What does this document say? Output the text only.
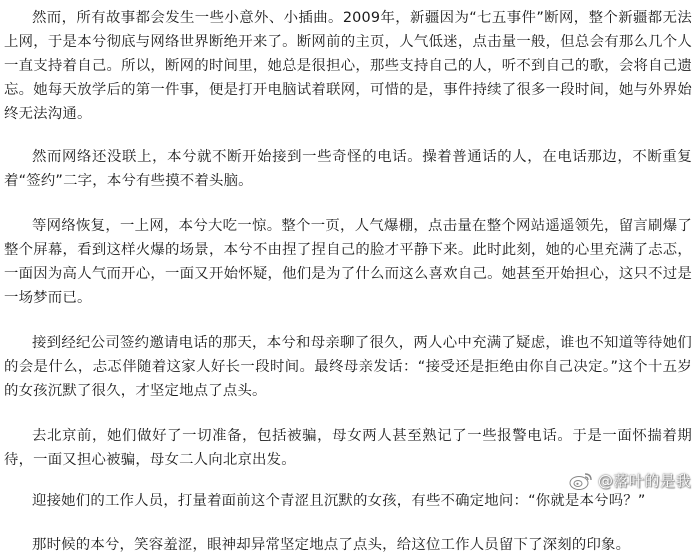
然而，所有故事都会发生一些小意外、小插曲。2009年，新疆因为“七五事件”断网，整个新疆都无法上网，于是本兮彻底与网络世界断绝开来了。断网前的主页，人气低迷，点击量一般，但总会有那么几个人一直支持着自己。所以，断网的时间里，她总是很担心，那些支持自己的人，听不到自己的歌，会将自己遗忘。她每天放学后的第一件事，便是打开电脑试着联网，可惜的是，事件持续了很多一段时间，她与外界始终无法沟通。

然而网络还没联上，本兮就不断开始接到一些奇怪的电话。操着普通话的人，在电话那边，不断重复着“签约”二字，本兮有些摸不着头脑。

等网络恢复，一上网，本兮大吃一惊。整个一页，人气爆棚，点击量在整个网站遥遥领先，留言刷爆了整个屏幕，看到这样火爆的场景，本兮不由捏了捏自己的脸才平静下来。此时此刻，她的心里充满了忐忑，一面因为高人气而开心，一面又开始怀疑，他们是为了什么而这么喜欢自己。她甚至开始担心，这只不过是一场梦而已。

接到经纪公司签约邀请电话的那天，本兮和母亲聊了很久，两人心中充满了疑虑，谁也不知道等待她们的会是什么，忐忑伴随着这家人好长一段时间。最终母亲发话：“接受还是拒绝由你自己决定。”这个十五岁的女孩沉默了很久，才坚定地点了点头。

去北京前，她们做好了一切准备，包括被骗，母女两人甚至熟记了一些报警电话。于是一面怀揣着期待，一面又担心被骗，母女二人向北京出发。

迎接她们的工作人员，打量着面前这个青涩且沉默的女孩，有些不确定地问：“你就是本兮吗？”

那时候的本兮，笑容羞涩，眼神却异常坚定地点了点头，给这位工作人员留下了深刻的印象。

@落叶的是我
